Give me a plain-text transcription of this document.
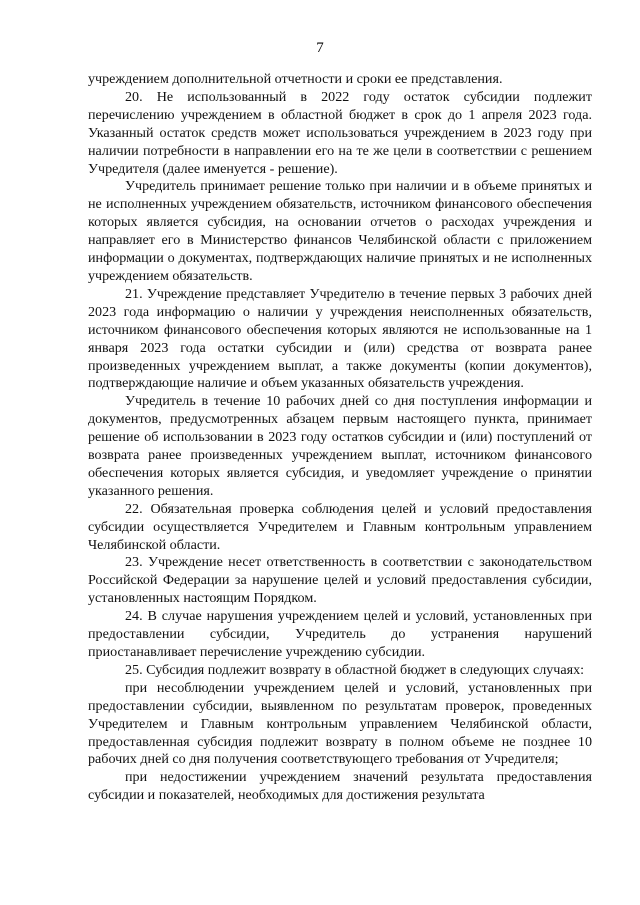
7

учреждением дополнительной отчетности и сроки ее представления.

20. Не использованный в 2022 году остаток субсидии подлежит перечислению учреждением в областной бюджет в срок до 1 апреля 2023 года. Указанный остаток средств может использоваться учреждением в 2023 году при наличии потребности в направлении его на те же цели в соответствии с решением Учредителя (далее именуется - решение).

Учредитель принимает решение только при наличии и в объеме принятых и не исполненных учреждением обязательств, источником финансового обеспечения которых является субсидия, на основании отчетов о расходах учреждения и направляет его в Министерство финансов Челябинской области с приложением информации о документах, подтверждающих наличие принятых и не исполненных учреждением обязательств.

21. Учреждение представляет Учредителю в течение первых 3 рабочих дней 2023 года информацию о наличии у учреждения неисполненных обязательств, источником финансового обеспечения которых являются не использованные на 1 января 2023 года остатки субсидии и (или) средства от возврата ранее произведенных учреждением выплат, а также документы (копии документов), подтверждающие наличие и объем указанных обязательств учреждения.

Учредитель в течение 10 рабочих дней со дня поступления информации и документов, предусмотренных абзацем первым настоящего пункта, принимает решение об использовании в 2023 году остатков субсидии и (или) поступлений от возврата ранее произведенных учреждением выплат, источником финансового обеспечения которых является субсидия, и уведомляет учреждение о принятии указанного решения.

22. Обязательная проверка соблюдения целей и условий предоставления субсидии осуществляется Учредителем и Главным контрольным управлением Челябинской области.

23. Учреждение несет ответственность в соответствии с законодательством Российской Федерации за нарушение целей и условий предоставления субсидии, установленных настоящим Порядком.

24. В случае нарушения учреждением целей и условий, установленных при предоставлении субсидии, Учредитель до устранения нарушений приостанавливает перечисление учреждению субсидии.

25. Субсидия подлежит возврату в областной бюджет в следующих случаях:

при несоблюдении учреждением целей и условий, установленных при предоставлении субсидии, выявленном по результатам проверок, проведенных Учредителем и Главным контрольным управлением Челябинской области, предоставленная субсидия подлежит возврату в полном объеме не позднее 10 рабочих дней со дня получения соответствующего требования от Учредителя;

при недостижении учреждением значений результата предоставления субсидии и показателей, необходимых для достижения результата
